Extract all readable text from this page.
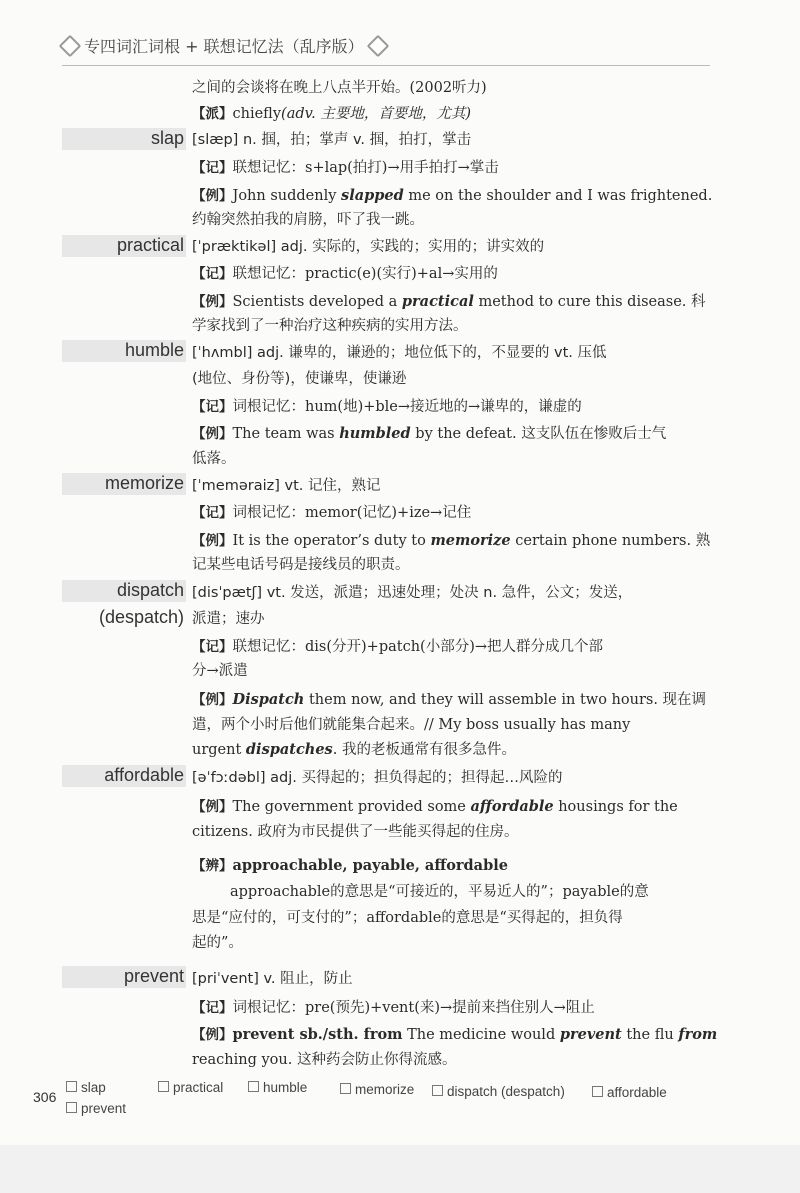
专四词汇词根 + 联想记忆法（乱序版）
之间的会谈将在晚上八点半开始。(2002听力)
【派】chiefly(adv. 主要地，首要地，尤其)
slap [slæp] n. 掴，拍；掌声 v. 掴，拍打，掌击
【记】联想记忆：s+lap(拍打)→用手拍打→掌击
【例】John suddenly slapped me on the shoulder and I was frightened.
约翰突然拍我的肩膀，吓了我一跳。
practical [ˈpræktikəl] adj. 实际的，实践的；实用的；讲实效的
【记】联想记忆：practic(e)(实行)+al→实用的
【例】Scientists developed a practical method to cure this disease. 科
学家找到了一种治疗这种疾病的实用方法。
humble [ˈhʌmbl] adj. 谦卑的，谦逊的；地位低下的，不显要的 vt. 压低
(地位、身份等)，使谦卑，使谦逊
【记】词根记忆：hum(地)+ble→接近地的→谦卑的，谦虚的
【例】The team was humbled by the defeat. 这支队伍在惨败后士气
低落。
memorize [ˈmeməraiz] vt. 记住，熟记
【记】词根记忆：memor(记忆)+ize→记住
【例】It is the operator’s duty to memorize certain phone numbers. 熟
记某些电话号码是接线员的职责。
dispatch
(despatch)
[disˈpætʃ] vt. 发送，派遣；迅速处理；处决 n. 急件，公文；发送，
派遣；速办
【记】联想记忆：dis(分开)+patch(小部分)→把人群分成几个部
分→派遣
【例】Dispatch them now, and they will assemble in two hours. 现在调
遣，两个小时后他们就能集合起来。// My boss usually has many
urgent dispatches. 我的老板通常有很多急件。
affordable [əˈfɔːdəbl] adj. 买得起的；担负得起的；担得起…风险的
【例】The government provided some affordable housings for the
citizens. 政府为市民提供了一些能买得起的住房。
【辨】approachable, payable, affordable
approachable的意思是“可接近的，平易近人的”；payable的意
思是“应付的，可支付的”；affordable的意思是“买得起的，担负得
起的”。
prevent [priˈvent] v. 阻止，防止
【记】词根记忆：pre(预先)+vent(来)→提前来挡住别人→阻止
【例】prevent sb./sth. from The medicine would prevent the flu from
reaching you. 这种药会防止你得流感。
306
slap	practical	humble	memorize	dispatch (despatch)	affordable
prevent
